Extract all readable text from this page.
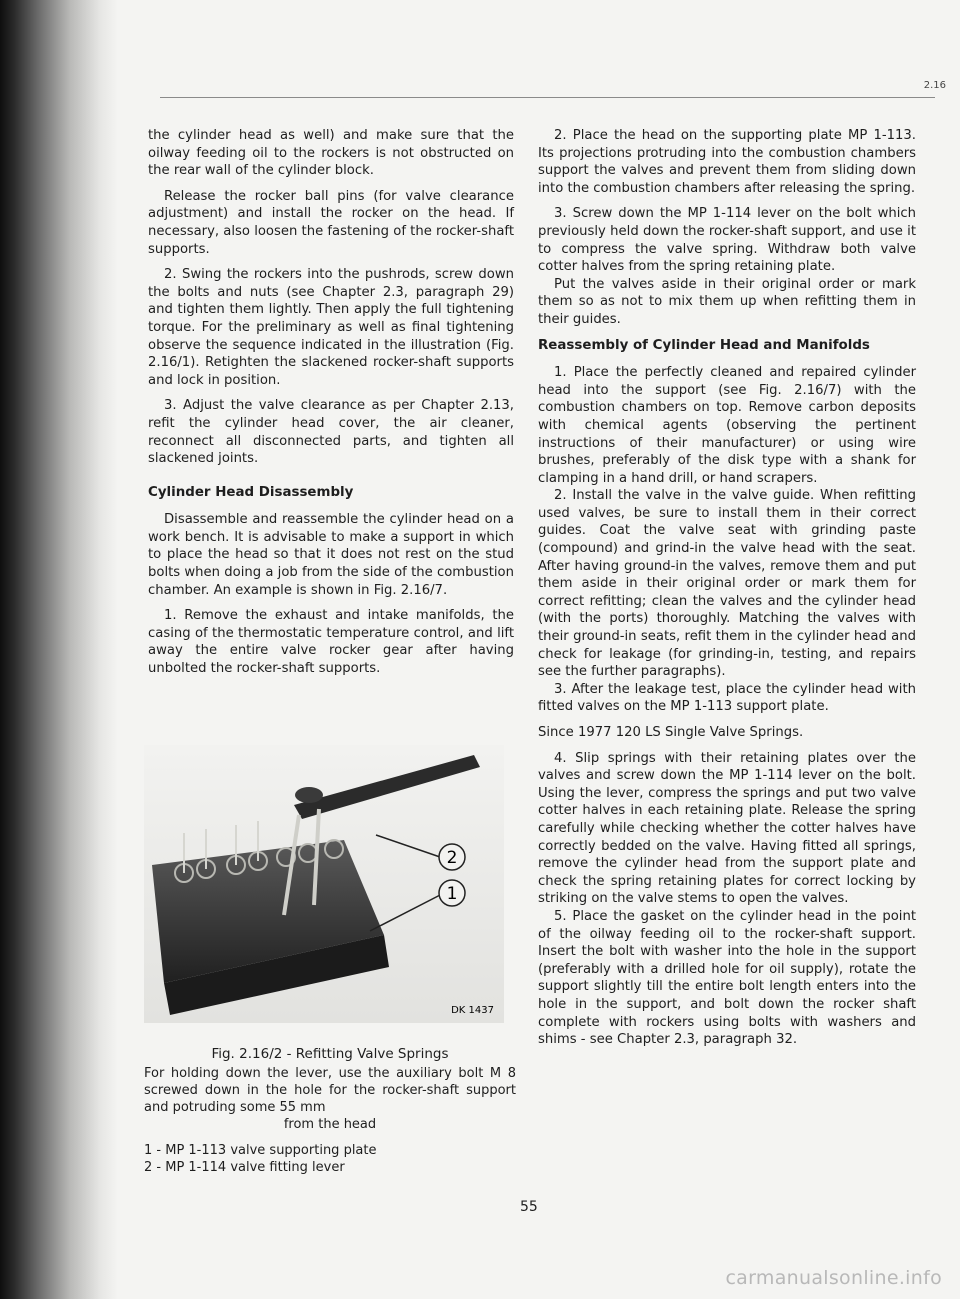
2.16

the cylinder head as well) and make sure that the oilway feeding oil to the rockers is not obstructed on the rear wall of the cylinder block.

Release the rocker ball pins (for valve clearance adjustment) and install the rocker on the head. If necessary, also loosen the fastening of the rocker-shaft supports.

2. Swing the rockers into the pushrods, screw down the bolts and nuts (see Chapter 2.3, paragraph 29) and tighten them lightly. Then apply the full tightening torque. For the preliminary as well as final tightening observe the sequence indicated in the illustration (Fig. 2.16/1). Retighten the slackened rocker-shaft supports and lock in position.

3. Adjust the valve clearance as per Chapter 2.13, refit the cylinder head cover, the air cleaner, reconnect all disconnected parts, and tighten all slackened joints.

Cylinder Head Disassembly

Disassemble and reassemble the cylinder head on a work bench. It is advisable to make a support in which to place the head so that it does not rest on the stud bolts when doing a job from the side of the combustion chamber. An example is shown in Fig. 2.16/7.

1. Remove the exhaust and intake manifolds, the casing of the thermostatic temperature control, and lift away the entire valve rocker gear after having unbolted the rocker-shaft supports.

2
1
DK 1437
Fig. 2.16/2 - Refitting Valve Springs
For holding down the lever, use the auxiliary bolt M 8 screwed down in the hole for the rocker-shaft support and potruding some 55 mm
from the head
1 - MP 1-113 valve supporting plate
2 - MP 1-114 valve fitting lever

2. Place the head on the supporting plate MP 1-113. Its projections protruding into the combustion chambers support the valves and prevent them from sliding down into the combustion chambers after releasing the spring.

3. Screw down the MP 1-114 lever on the bolt which previously held down the rocker-shaft support, and use it to compress the valve spring. Withdraw both valve cotter halves from the spring retaining plate.

Put the valves aside in their original order or mark them so as not to mix them up when refitting them in their guides.

Reassembly of Cylinder Head and Manifolds

1. Place the perfectly cleaned and repaired cylinder head into the support (see Fig. 2.16/7) with the combustion chambers on top. Remove carbon deposits with chemical agents (observing the pertinent instructions of their manufacturer) or using wire brushes, preferably of the disk type with a shank for clamping in a hand drill, or hand scrapers.

2. Install the valve in the valve guide. When refitting used valves, be sure to install them in their correct guides. Coat the valve seat with grinding paste (compound) and grind-in the valve head with the seat. After having ground-in the valves, remove them and put them aside in their original order or mark them for correct refitting; clean the valves and the cylinder head (with the ports) thoroughly. Matching the valves with their ground-in seats, refit them in the cylinder head and check for leakage (for grinding-in, testing, and repairs see the further paragraphs).

3. After the leakage test, place the cylinder head with fitted valves on the MP 1-113 support plate.

Since 1977 120 LS Single Valve Springs.

4. Slip springs with their retaining plates over the valves and screw down the MP 1-114 lever on the bolt. Using the lever, compress the springs and put two valve cotter halves in each retaining plate. Release the spring carefully while checking whether the cotter halves have correctly bedded on the valve. Having fitted all springs, remove the cylinder head from the support plate and check the spring retaining plates for correct locking by striking on the valve stems to open the valves.

5. Place the gasket on the cylinder head in the point of the oilway feeding oil to the rocker-shaft support. Insert the bolt with washer into the hole in the support (preferably with a drilled hole for oil supply), rotate the support slightly till the entire bolt length enters into the hole in the support, and bolt down the rocker shaft complete with rockers using bolts with washers and shims - see Chapter 2.3, paragraph 32.

55
carmanualsonline.info
